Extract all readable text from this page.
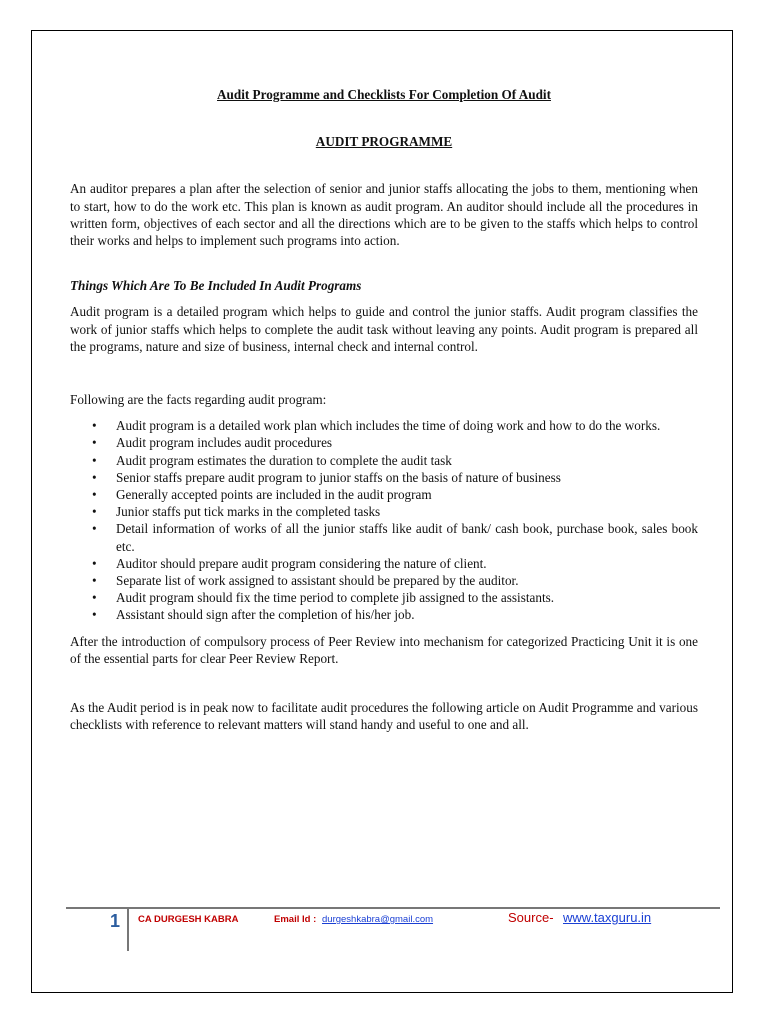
Audit Programme and Checklists For Completion Of Audit

AUDIT PROGRAMME

An auditor prepares a plan after the selection of senior and junior staffs allocating the jobs to them, mentioning when to start, how to do the work etc. This plan is known as audit program. An auditor should include all the procedures in written form, objectives of each sector and all the directions which are to be given to the staffs which helps to control their works and helps to implement such programs into action.

Things Which Are To Be Included In Audit Programs

Audit program is a detailed program which helps to guide and control the junior staffs. Audit program classifies the work of junior staffs which helps to complete the audit task without leaving any points. Audit program is prepared all the programs, nature and size of business, internal check and internal control.

Following are the facts regarding audit program:

• Audit program is a detailed work plan which includes the time of doing work and how to do the works.
• Audit program includes audit procedures
• Audit program estimates the duration to complete the audit task
• Senior staffs prepare audit program to junior staffs on the basis of nature of business
• Generally accepted points are included in the audit program
• Junior staffs put tick marks in the completed tasks
• Detail information of works of all the junior staffs like audit of bank/ cash book, purchase book, sales book etc.
• Auditor should prepare audit program considering the nature of client.
• Separate list of work assigned to assistant should be prepared by the auditor.
• Audit program should fix the time period to complete jib assigned to the assistants.
• Assistant should sign after the completion of his/her job.

After the introduction of compulsory process of Peer Review into mechanism for categorized Practicing Unit it is one of the essential parts for clear Peer Review Report.

As the Audit period is in peak now to facilitate audit procedures the following article on Audit Programme and various checklists with reference to relevant matters will stand handy and useful to one and all.

1 CA DURGESH KABRA	Email Id : durgeshkabra@gmail.com	Source- www.taxguru.in
